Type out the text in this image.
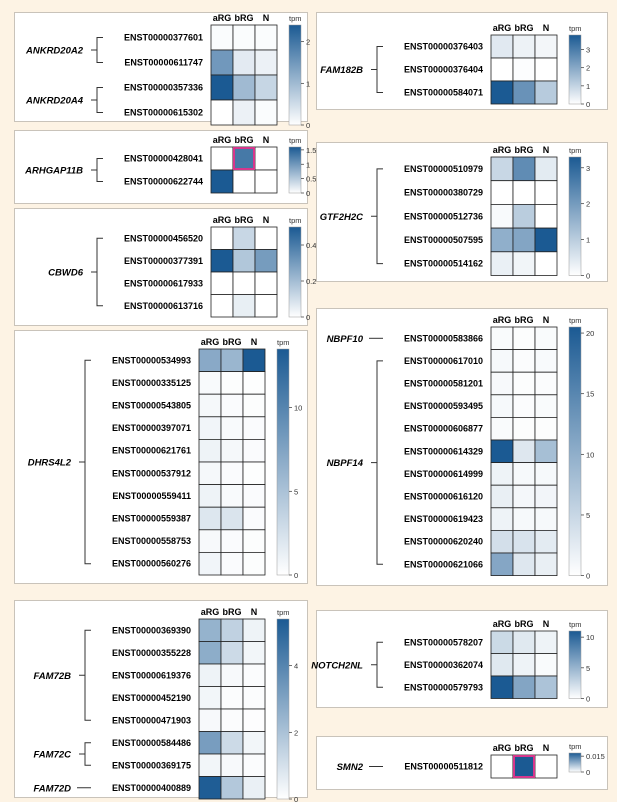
aRG bRG N
ENST00000377601
ENST00000611747
ANKRD20A2
ENST00000357336
ENST00000615302
ANKRD20A4
tpm
0
1
2
aRG bRG N
ENST00000428041
ENST00000622744
ARHGAP11B
tpm
0
0.5
1
1.5
aRG bRG N
ENST00000456520
ENST00000377391
ENST00000617933
ENST00000613716
CBWD6
tpm
0
0.2
0.4
aRG bRG N
ENST00000534993
ENST00000335125
ENST00000543805
ENST00000397071
ENST00000621761
ENST00000537912
ENST00000559411
ENST00000559387
ENST00000558753
ENST00000560276
DHRS4L2
tpm
0
5
10
aRG bRG N
ENST00000369390
ENST00000355228
ENST00000619376
ENST00000452190
ENST00000471903
FAM72B
ENST00000584486
ENST00000369175
FAM72C
ENST00000400889
FAM72D
tpm
0
2
4
aRG bRG N
ENST00000376403
ENST00000376404
ENST00000584071
FAM182B
tpm
0
1
2
3
aRG bRG N
ENST00000510979
ENST00000380729
ENST00000512736
ENST00000507595
ENST00000514162
GTF2H2C
tpm
0
1
2
3
aRG bRG N
ENST00000583866
NBPF10
ENST00000617010
ENST00000581201
ENST00000593495
ENST00000606877
ENST00000614329
ENST00000614999
ENST00000616120
ENST00000619423
ENST00000620240
ENST00000621066
NBPF14
tpm
0
5
10
15
20
aRG bRG N
ENST00000578207
ENST00000362074
ENST00000579793
NOTCH2NL
tpm
0
5
10
aRG bRG N
ENST00000511812
SMN2
tpm
0
0.015
